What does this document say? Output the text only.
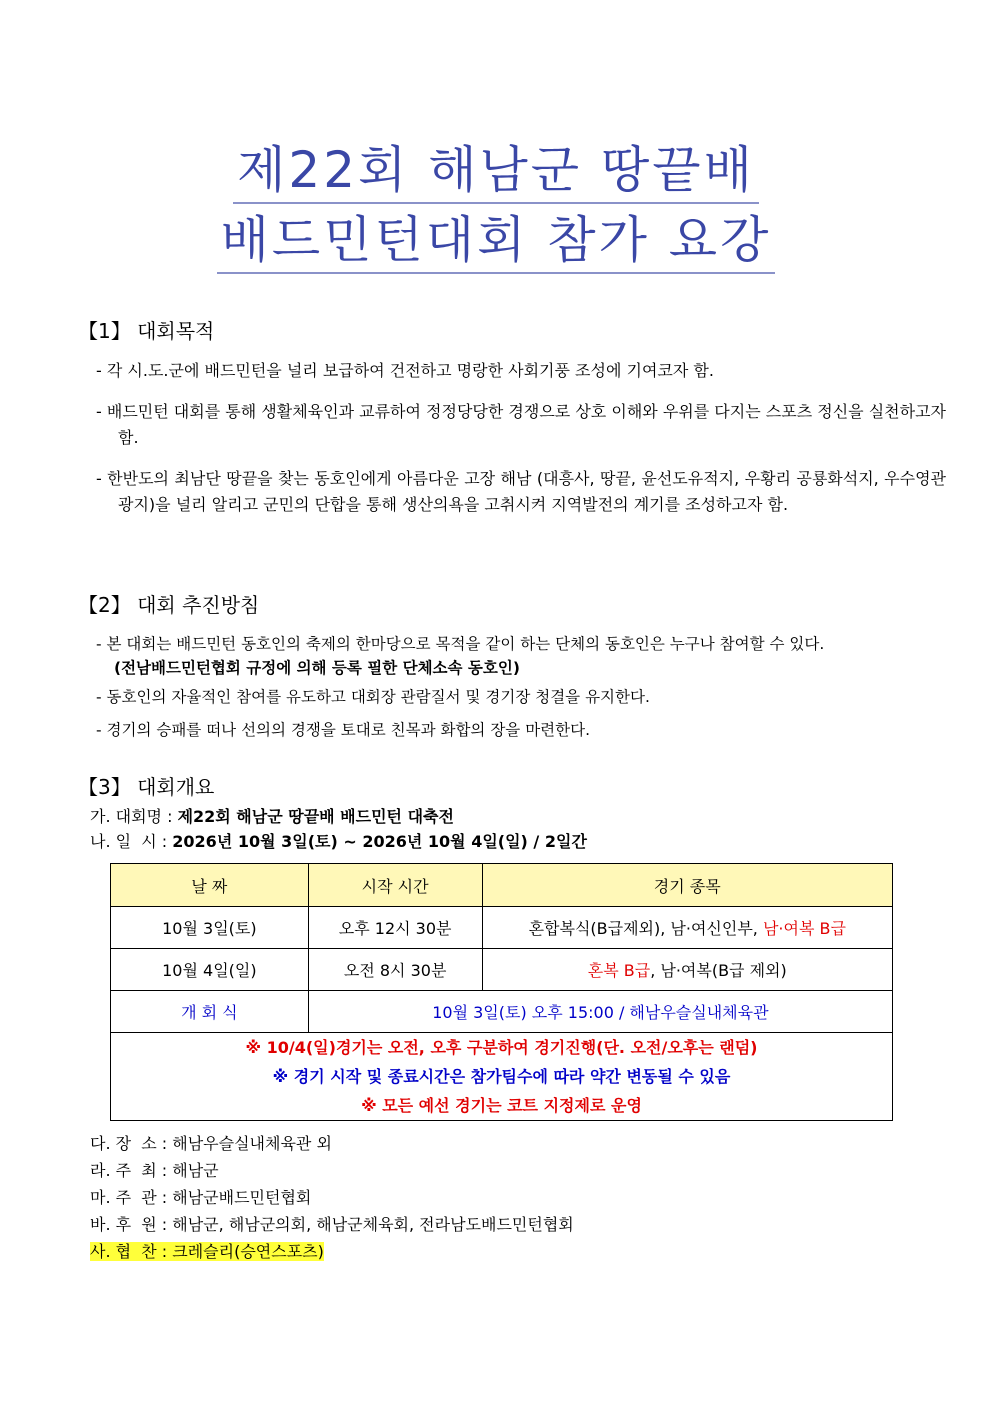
제22회 해남군 땅끝배
배드민턴대회 참가 요강
【1】 대회목적
- 각 시.도.군에 배드민턴을 널리 보급하여 건전하고 명랑한 사회기풍 조성에 기여코자 함.
- 배드민턴 대회를 통해 생활체육인과 교류하여 정정당당한 경쟁으로 상호 이해와 우위를 다지는 스포츠 정신을 실천하고자 함.
- 한반도의 최남단 땅끝을 찾는 동호인에게 아름다운 고장 해남 (대흥사, 땅끝, 윤선도유적지, 우황리 공룡화석지, 우수영관광지)을 널리 알리고 군민의 단합을 통해 생산의욕을 고취시켜 지역발전의 계기를 조성하고자 함.
【2】 대회 추진방침
- 본 대회는 배드민턴 동호인의 축제의 한마당으로 목적을 같이 하는 단체의 동호인은 누구나 참여할 수 있다.
(전남배드민턴협회 규정에 의해 등록 필한 단체소속 동호인)
- 동호인의 자율적인 참여를 유도하고 대회장 관람질서 및 경기장 청결을 유지한다.
- 경기의 승패를 떠나 선의의 경쟁을 토대로 친목과 화합의 장을 마련한다.
【3】 대회개요
가. 대회명 : 제22회 해남군 땅끝배 배드민턴 대축전
나. 일  시 : 2026년 10월 3일(토) ~ 2026년 10월 4일(일) / 2일간
날 짜	시작 시간	경기 종목
10월 3일(토)	오후 12시 30분	혼합복식(B급제외), 남·여신인부, 남·여복 B급
10월 4일(일)	오전 8시 30분	혼복 B급, 남·여복(B급 제외)
개 회 식	10월 3일(토) 오후 15:00 / 해남우슬실내체육관	

※ 10/4(일)경기는 오전, 오후 구분하여 경기진행(단. 오전/오후는 랜덤)
※ 경기 시작 및 종료시간은 참가팀수에 따라 약간 변동될 수 있음
※ 모든 예선 경기는 코트 지정제로 운영		
다. 장  소 : 해남우슬실내체육관 외
라. 주  최 : 해남군
마. 주  관 : 해남군배드민턴협회
바. 후  원 : 해남군, 해남군의회, 해남군체육회, 전라남도배드민턴협회
사. 협  찬 : 크레슬리(승연스포츠)
